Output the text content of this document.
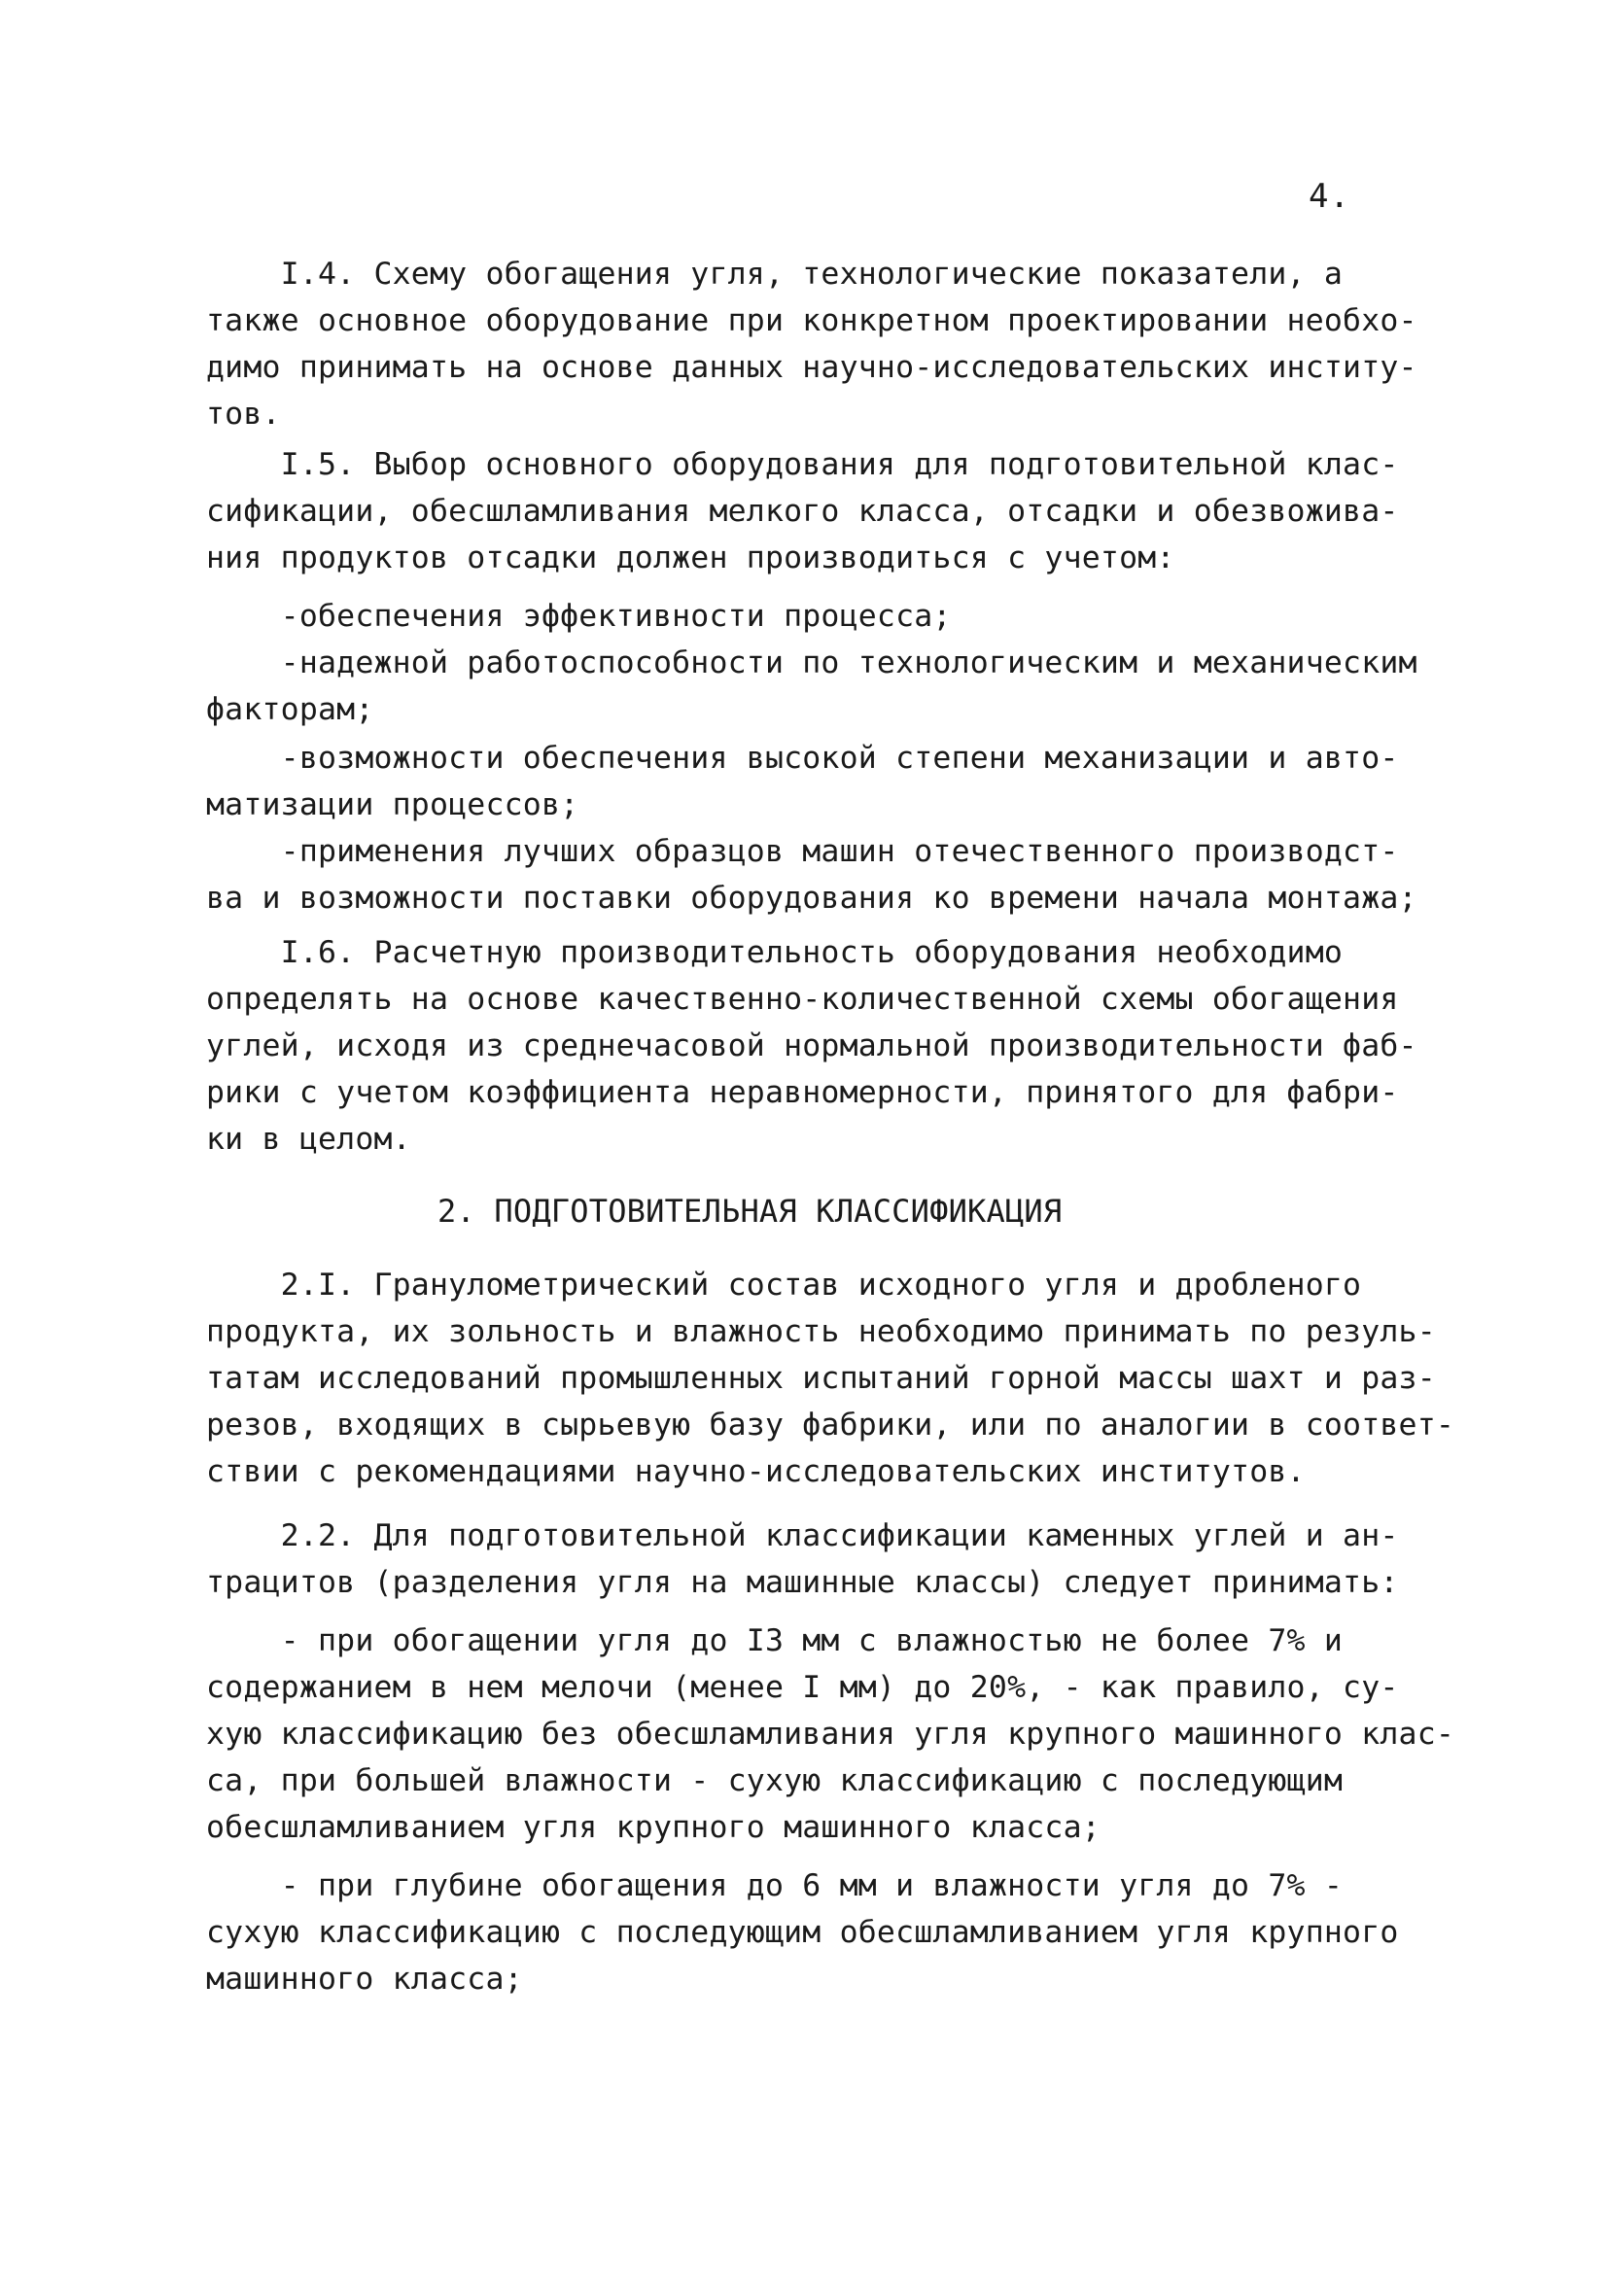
4.
I.4. Схему обогащения угля, технологические показатели, а
также основное оборудование при конкретном проектировании необхо-
димо принимать на основе данных научно-исследовательских институ-
тов.
I.5. Выбор основного оборудования для подготовительной клас-
сификации, обесшламливания мелкого класса, отсадки и обезвожива-
ния продуктов отсадки должен производиться с учетом:
-обеспечения эффективности процесса;
-надежной работоспособности по технологическим и механическим
факторам;
-возможности обеспечения высокой степени механизации и авто-
матизации процессов;
-применения лучших образцов машин отечественного производст-
ва и возможности поставки оборудования ко времени начала монтажа;
I.6. Расчетную производительность оборудования необходимо
определять на основе качественно-количественной схемы обогащения
углей, исходя из среднечасовой нормальной производительности фаб-
рики с учетом коэффициента неравномерности, принятого для фабри-
ки в целом.
2. ПОДГОТОВИТЕЛЬНАЯ КЛАССИФИКАЦИЯ
2.I. Гранулометрический состав исходного угля и дробленого
продукта, их зольность и влажность необходимо принимать по резуль-
татам исследований промышленных испытаний горной массы шахт и раз-
резов, входящих в сырьевую базу фабрики, или по аналогии в соответ-
ствии с рекомендациями научно-исследовательских институтов.
2.2. Для подготовительной классификации каменных углей и ан-
трацитов (разделения угля на машинные классы) следует принимать:
- при обогащении угля до I3 мм с влажностью не более 7% и
содержанием в нем мелочи (менее I мм) до 20%, - как правило, су-
хую классификацию без обесшламливания угля крупного машинного клас-
са, при большей влажности - сухую классификацию с последующим
обесшламливанием угля крупного машинного класса;
- при глубине обогащения до 6 мм и влажности угля до 7% -
сухую классификацию с последующим обесшламливанием угля крупного
машинного класса;
